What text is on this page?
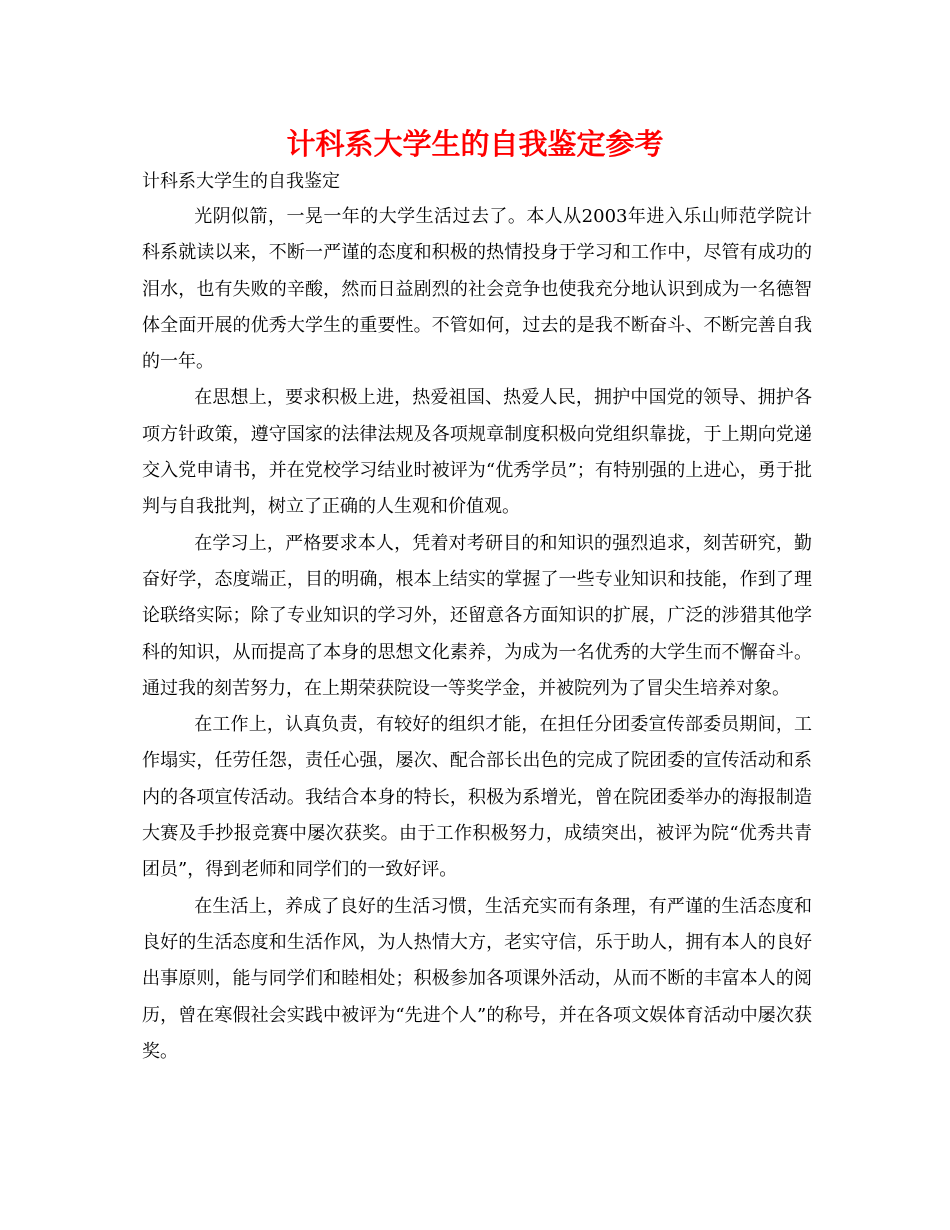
计科系大学生的自我鉴定参考
计科系大学生的自我鉴定

光阴似箭，一晃一年的大学生活过去了。本人从2003年进入乐山师范学院计科系就读以来，不断一严谨的态度和积极的热情投身于学习和工作中，尽管有成功的泪水，也有失败的辛酸，然而日益剧烈的社会竞争也使我充分地认识到成为一名德智体全面开展的优秀大学生的重要性。不管如何，过去的是我不断奋斗、不断完善自我的一年。

在思想上，要求积极上进，热爱祖国、热爱人民，拥护中国党的领导、拥护各项方针政策，遵守国家的法律法规及各项规章制度积极向党组织靠拢，于上期向党递交入党申请书，并在党校学习结业时被评为“优秀学员”；有特别强的上进心，勇于批判与自我批判，树立了正确的人生观和价值观。

在学习上，严格要求本人，凭着对考研目的和知识的强烈追求，刻苦研究，勤奋好学，态度端正，目的明确，根本上结实的掌握了一些专业知识和技能，作到了理论联络实际；除了专业知识的学习外，还留意各方面知识的扩展，广泛的涉猎其他学科的知识，从而提高了本身的思想文化素养，为成为一名优秀的大学生而不懈奋斗。通过我的刻苦努力，在上期荣获院设一等奖学金，并被院列为了冒尖生培养对象。

在工作上，认真负责，有较好的组织才能，在担任分团委宣传部委员期间，工作塌实，任劳任怨，责任心强，屡次、配合部长出色的完成了院团委的宣传活动和系内的各项宣传活动。我结合本身的特长，积极为系增光，曾在院团委举办的海报制造大赛及手抄报竞赛中屡次获奖。由于工作积极努力，成绩突出，被评为院“优秀共青团员”，得到老师和同学们的一致好评。

在生活上，养成了良好的生活习惯，生活充实而有条理，有严谨的生活态度和良好的生活态度和生活作风，为人热情大方，老实守信，乐于助人，拥有本人的良好出事原则，能与同学们和睦相处；积极参加各项课外活动，从而不断的丰富本人的阅历，曾在寒假社会实践中被评为“先进个人”的称号，并在各项文娱体育活动中屡次获奖。
